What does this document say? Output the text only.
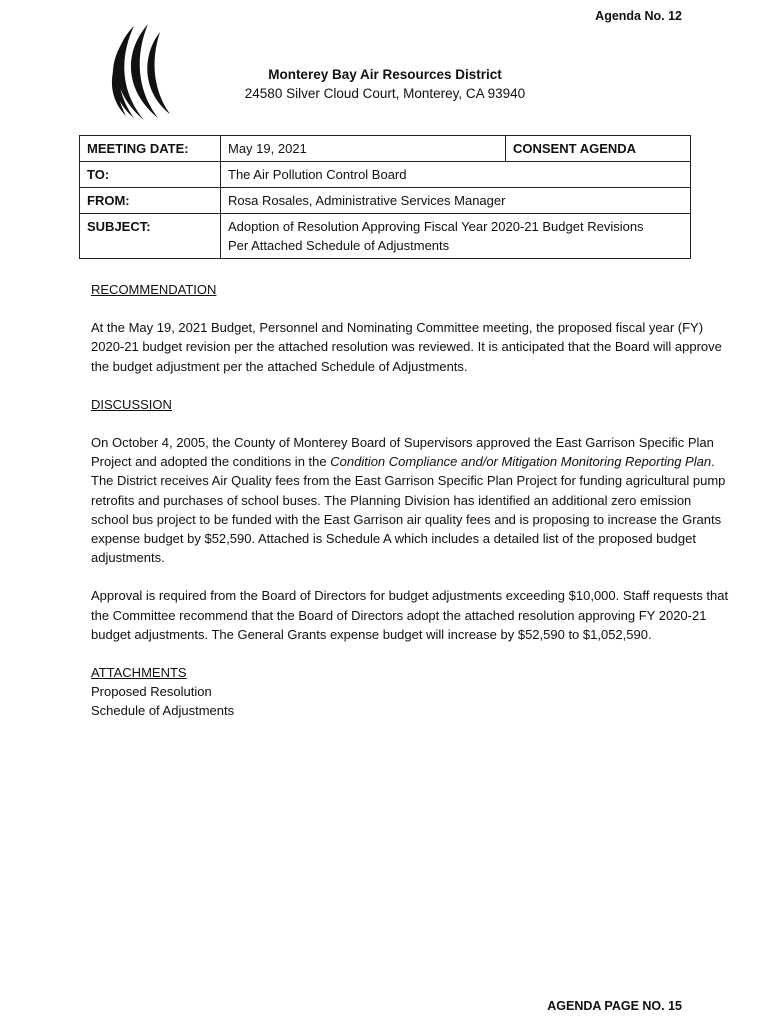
Agenda No. 12
Monterey Bay Air Resources District
24580 Silver Cloud Court, Monterey, CA 93940
MEETING DATE:	May 19, 2021	CONSENT AGENDA
TO:	The Air Pollution Control Board	
FROM:	Rosa Rosales, Administrative Services Manager	
SUBJECT:	Adoption of Resolution Approving Fiscal Year 2020-21 Budget Revisions
Per Attached Schedule of Adjustments	

RECOMMENDATION

At the May 19, 2021 Budget, Personnel and Nominating Committee meeting, the proposed fiscal year (FY) 2020-21 budget revision per the attached resolution was reviewed. It is anticipated that the Board will approve the budget adjustment per the attached Schedule of Adjustments.

DISCUSSION

On October 4, 2005, the County of Monterey Board of Supervisors approved the East Garrison Specific Plan Project and adopted the conditions in the Condition Compliance and/or Mitigation Monitoring Reporting Plan. The District receives Air Quality fees from the East Garrison Specific Plan Project for funding agricultural pump retrofits and purchases of school buses. The Planning Division has identified an additional zero emission school bus project to be funded with the East Garrison air quality fees and is proposing to increase the Grants expense budget by $52,590. Attached is Schedule A which includes a detailed list of the proposed budget adjustments.

Approval is required from the Board of Directors for budget adjustments exceeding $10,000. Staff requests that the Committee recommend that the Board of Directors adopt the attached resolution approving FY 2020-21 budget adjustments. The General Grants expense budget will increase by $52,590 to $1,052,590.

ATTACHMENTS
Proposed Resolution
Schedule of Adjustments
AGENDA PAGE NO. 15
